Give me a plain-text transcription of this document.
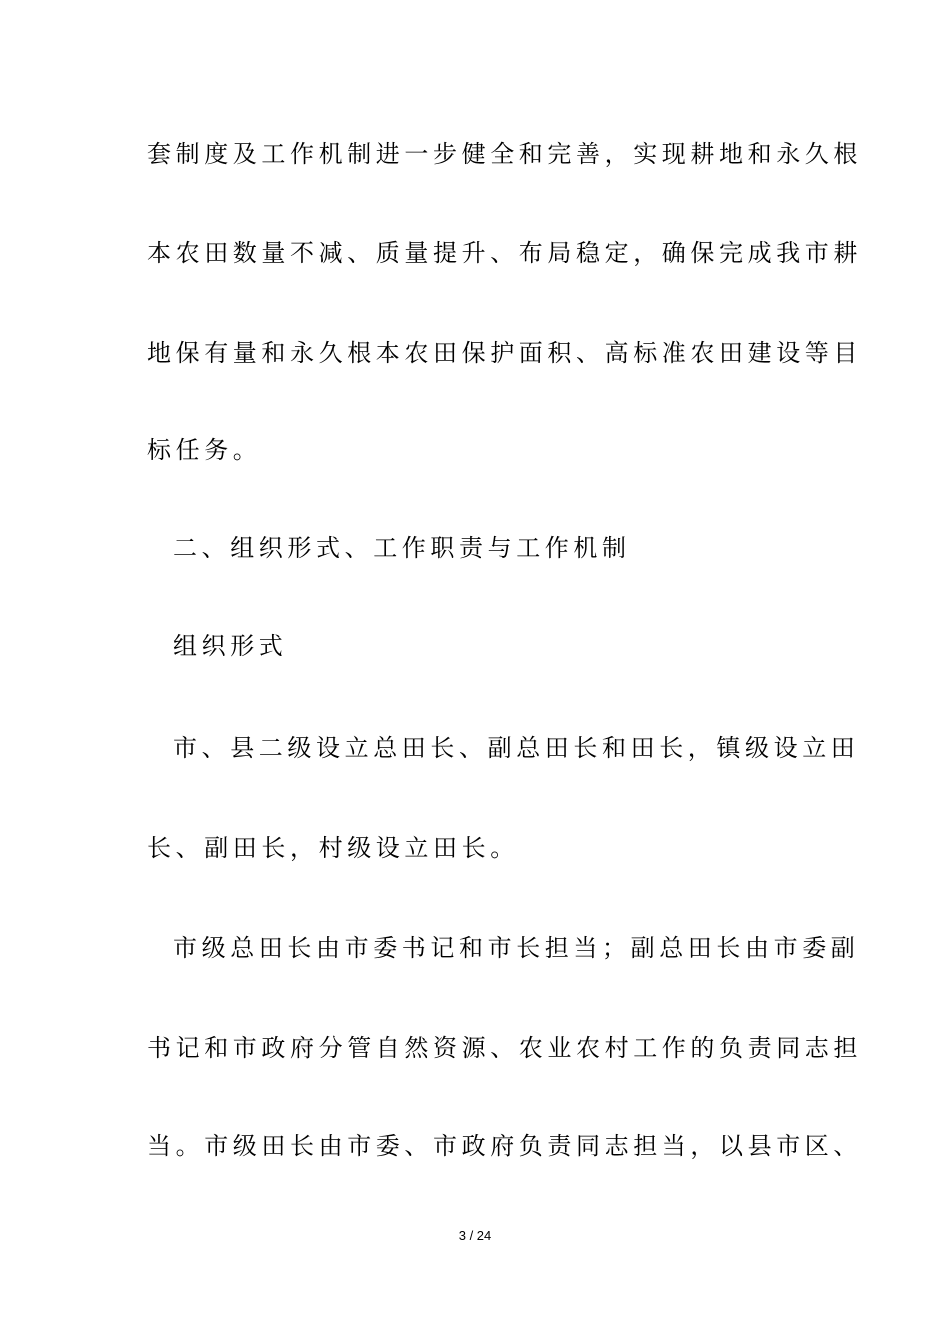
套制度及工作机制进一步健全和完善，实现耕地和永久根
本农田数量不减、质量提升、布局稳定，确保完成我市耕
地保有量和永久根本农田保护面积、高标准农田建设等目
标任务。
二、组织形式、工作职责与工作机制
组织形式
市、县二级设立总田长、副总田长和田长，镇级设立田
长、副田长，村级设立田长。
市级总田长由市委书记和市长担当；副总田长由市委副
书记和市政府分管自然资源、农业农村工作的负责同志担
当。市级田长由市委、市政府负责同志担当，以县市区、
3 / 24
